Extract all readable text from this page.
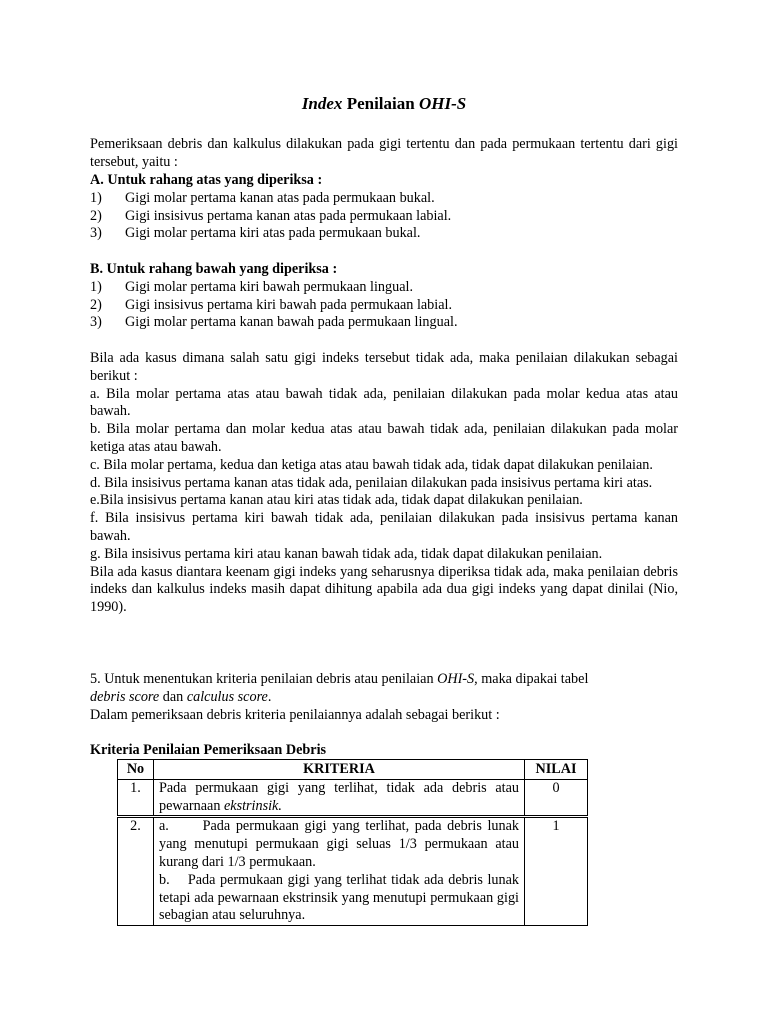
Index Penilaian OHI-S
Pemeriksaan debris dan kalkulus dilakukan pada gigi tertentu dan pada permukaan tertentu dari gigi tersebut, yaitu :
A. Untuk rahang atas yang diperiksa :
1)	Gigi molar pertama kanan atas pada permukaan bukal.
2)	Gigi insisivus pertama kanan atas pada permukaan labial.
3)	Gigi molar pertama kiri atas pada permukaan bukal.
B. Untuk rahang bawah yang diperiksa :
1)	Gigi molar pertama kiri bawah permukaan lingual.
2)	Gigi insisivus pertama kiri bawah pada permukaan labial.
3)	Gigi molar pertama kanan bawah pada permukaan lingual.
Bila ada kasus dimana salah satu gigi indeks tersebut tidak ada, maka penilaian dilakukan sebagai berikut :
a. Bila molar pertama atas atau bawah tidak ada, penilaian dilakukan pada molar kedua atas atau bawah.
b. Bila molar pertama dan molar kedua atas atau bawah tidak ada, penilaian dilakukan pada molar ketiga atas atau bawah.
c. Bila molar pertama, kedua dan ketiga atas atau bawah tidak ada, tidak dapat dilakukan penilaian.
d. Bila insisivus pertama kanan atas tidak ada, penilaian dilakukan pada insisivus pertama kiri atas.
e.Bila insisivus pertama kanan atau kiri atas tidak ada, tidak dapat dilakukan penilaian.
f. Bila insisivus pertama kiri bawah tidak ada, penilaian dilakukan pada insisivus pertama kanan bawah.
g. Bila insisivus pertama kiri atau kanan bawah tidak ada, tidak dapat dilakukan penilaian.
Bila ada kasus diantara keenam gigi indeks yang seharusnya diperiksa tidak ada, maka penilaian debris indeks dan kalkulus indeks masih dapat dihitung apabila ada dua gigi indeks yang dapat dinilai (Nio, 1990).
5. Untuk menentukan kriteria penilaian debris atau penilaian OHI-S, maka dipakai tabel
debris score dan calculus score.
Dalam pemeriksaan debris kriteria penilaiannya adalah sebagai berikut :
Kriteria Penilaian Pemeriksaan Debris
No	KRITERIA	NILAI
1.	Pada permukaan gigi yang terlihat, tidak ada debris atau pewarnaan ekstrinsik.	0
2.	a.      Pada permukaan gigi yang terlihat, pada debris lunak yang menutupi permukaan gigi seluas 1/3 permukaan atau kurang dari 1/3 permukaan.
b.    Pada permukaan gigi yang terlihat tidak ada debris lunak tetapi ada pewarnaan ekstrinsik yang menutupi permukaan gigi sebagian atau seluruhnya.	1
